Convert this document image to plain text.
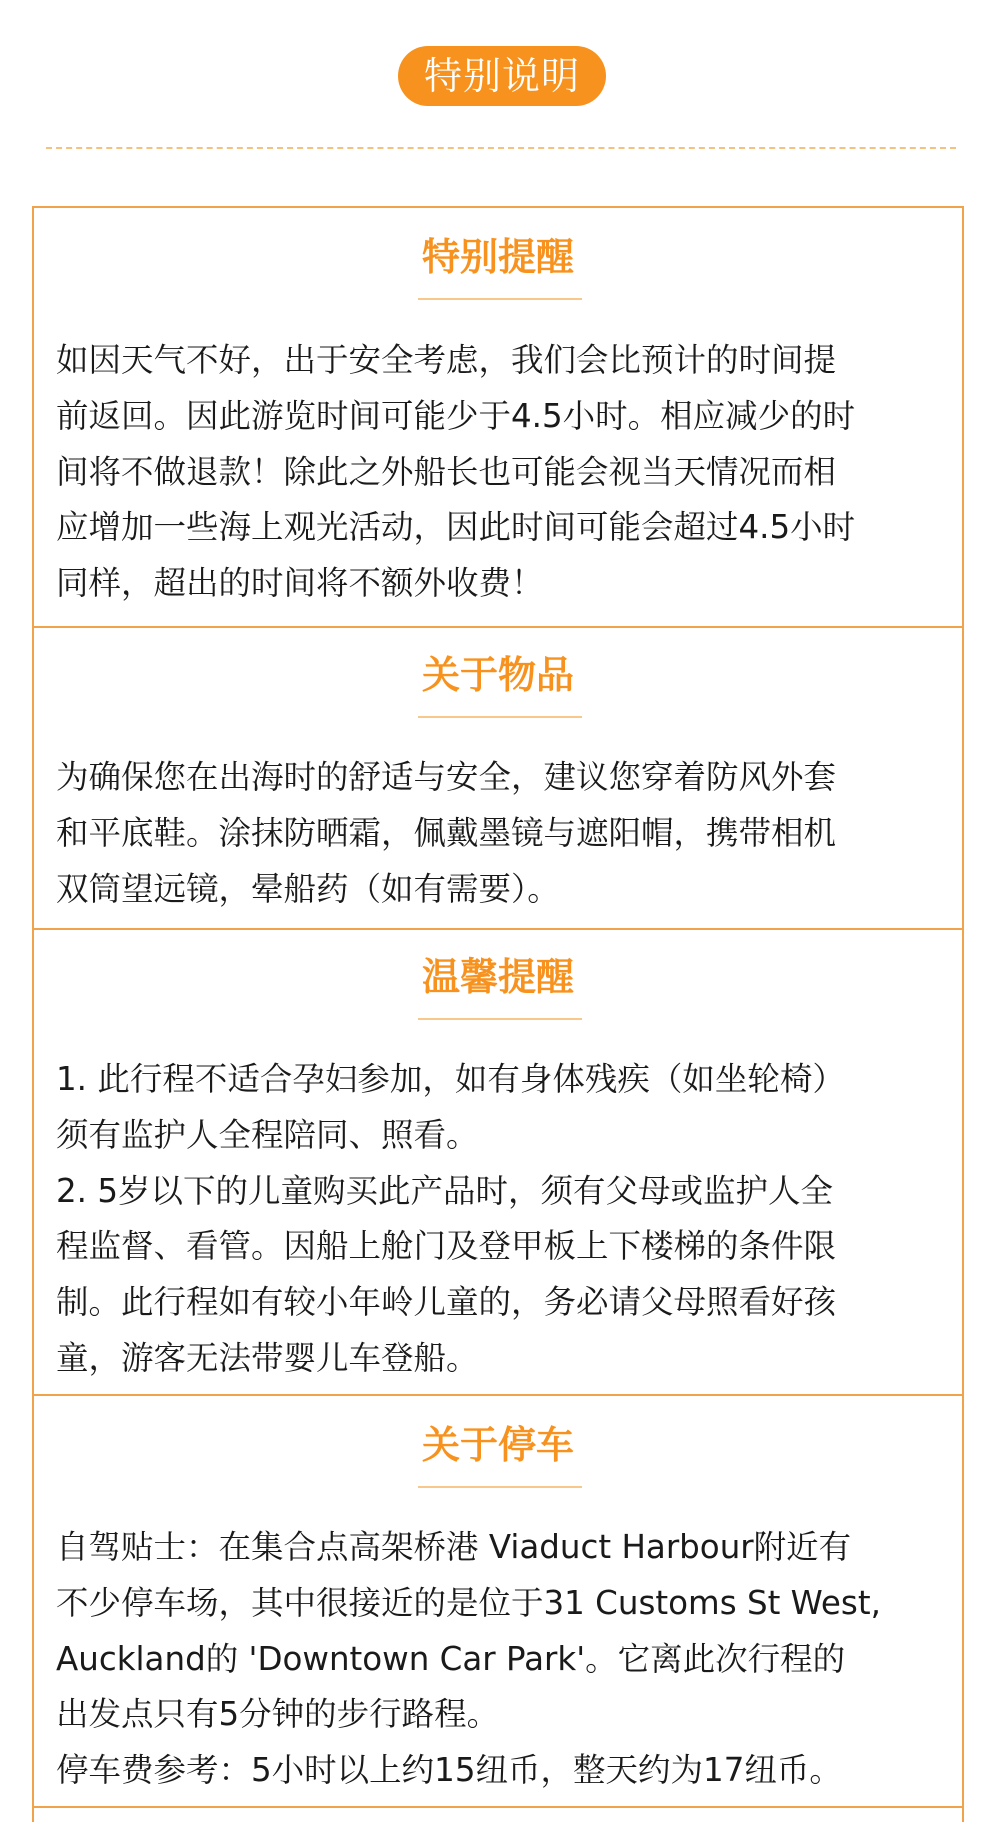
特别说明
特别提醒
如因天气不好，出于安全考虑，我们会比预计的时间提
前返回。因此游览时间可能少于4.5小时。相应减少的时
间将不做退款！除此之外船长也可能会视当天情况而相
应增加一些海上观光活动，因此时间可能会超过4.5小时
同样，超出的时间将不额外收费！
关于物品
为确保您在出海时的舒适与安全，建议您穿着防风外套
和平底鞋。涂抹防晒霜，佩戴墨镜与遮阳帽，携带相机
双筒望远镜，晕船药（如有需要）。
温馨提醒
1. 此行程不适合孕妇参加，如有身体残疾（如坐轮椅）
须有监护人全程陪同、照看。
2. 5岁以下的儿童购买此产品时，须有父母或监护人全
程监督、看管。因船上舱门及登甲板上下楼梯的条件限
制。此行程如有较小年岭儿童的，务必请父母照看好孩
童，游客无法带婴儿车登船。
关于停车
自驾贴士：在集合点高架桥港 Viaduct Harbour附近有
不少停车场，其中很接近的是位于31 Customs St West,
Auckland的 'Downtown Car Park'。它离此次行程的
出发点只有5分钟的步行路程。
停车费参考：5小时以上约15纽币，整天约为17纽币。
